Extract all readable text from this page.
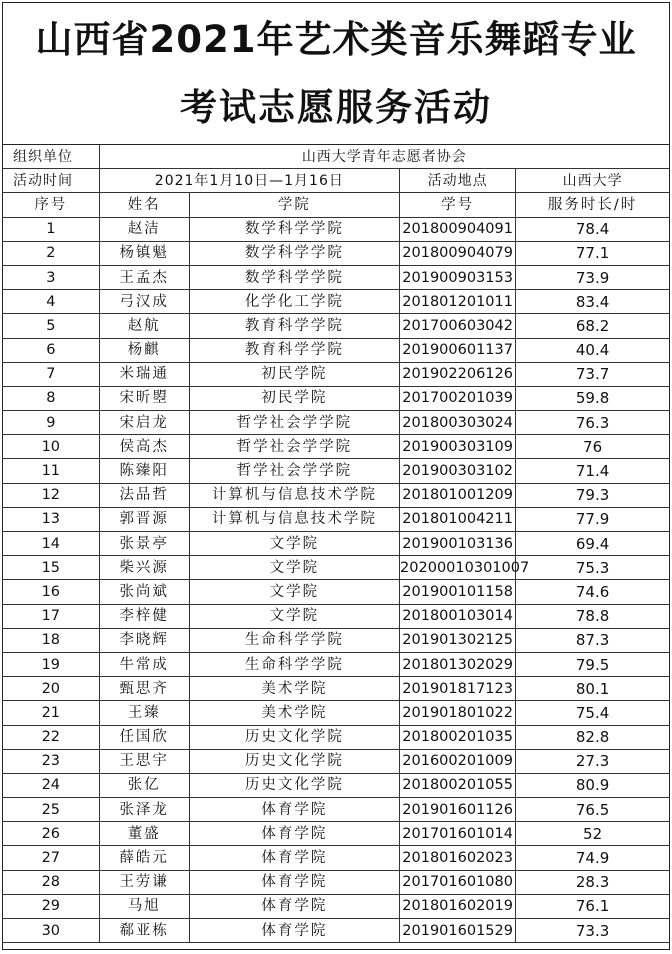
山西省2021年艺术类音乐舞蹈专业
考试志愿服务活动
组织单位	山西大学青年志愿者协会			
活动时间	2021年1月10日—1月16日		活动地点	山西大学
序号	姓名	学院	学号	服务时长/时
1	赵洁	数学科学学院	201800904091	78.4
2	杨镇魁	数学科学学院	201800904079	77.1
3	王孟杰	数学科学学院	201900903153	73.9
4	弓汉成	化学化工学院	201801201011	83.4
5	赵航	教育科学学院	201700603042	68.2
6	杨麒	教育科学学院	201900601137	40.4
7	米瑞通	初民学院	201902206126	73.7
8	宋昕曌	初民学院	201700201039	59.8
9	宋启龙	哲学社会学学院	201800303024	76.3
10	侯高杰	哲学社会学学院	201900303109	76
11	陈臻阳	哲学社会学学院	201900303102	71.4
12	法品哲	计算机与信息技术学院	201801001209	79.3
13	郭晋源	计算机与信息技术学院	201801004211	77.9
14	张景亭	文学院	201900103136	69.4
15	柴兴源	文学院	20200010301007	75.3
16	张尚斌	文学院	201900101158	74.6
17	李梓健	文学院	201800103014	78.8
18	李晓辉	生命科学学院	201901302125	87.3
19	牛常成	生命科学学院	201801302029	79.5
20	甄思齐	美术学院	201901817123	80.1
21	王臻	美术学院	201901801022	75.4
22	任国欣	历史文化学院	201800201035	82.8
23	王思宇	历史文化学院	201600201009	27.3
24	张亿	历史文化学院	201800201055	80.9
25	张泽龙	体育学院	201901601126	76.5
26	董盛	体育学院	201701601014	52
27	薛皓元	体育学院	201801602023	74.9
28	王劳谦	体育学院	201701601080	28.3
29	马旭	体育学院	201801602019	76.1
30	郗亚栋	体育学院	201901601529	73.3
